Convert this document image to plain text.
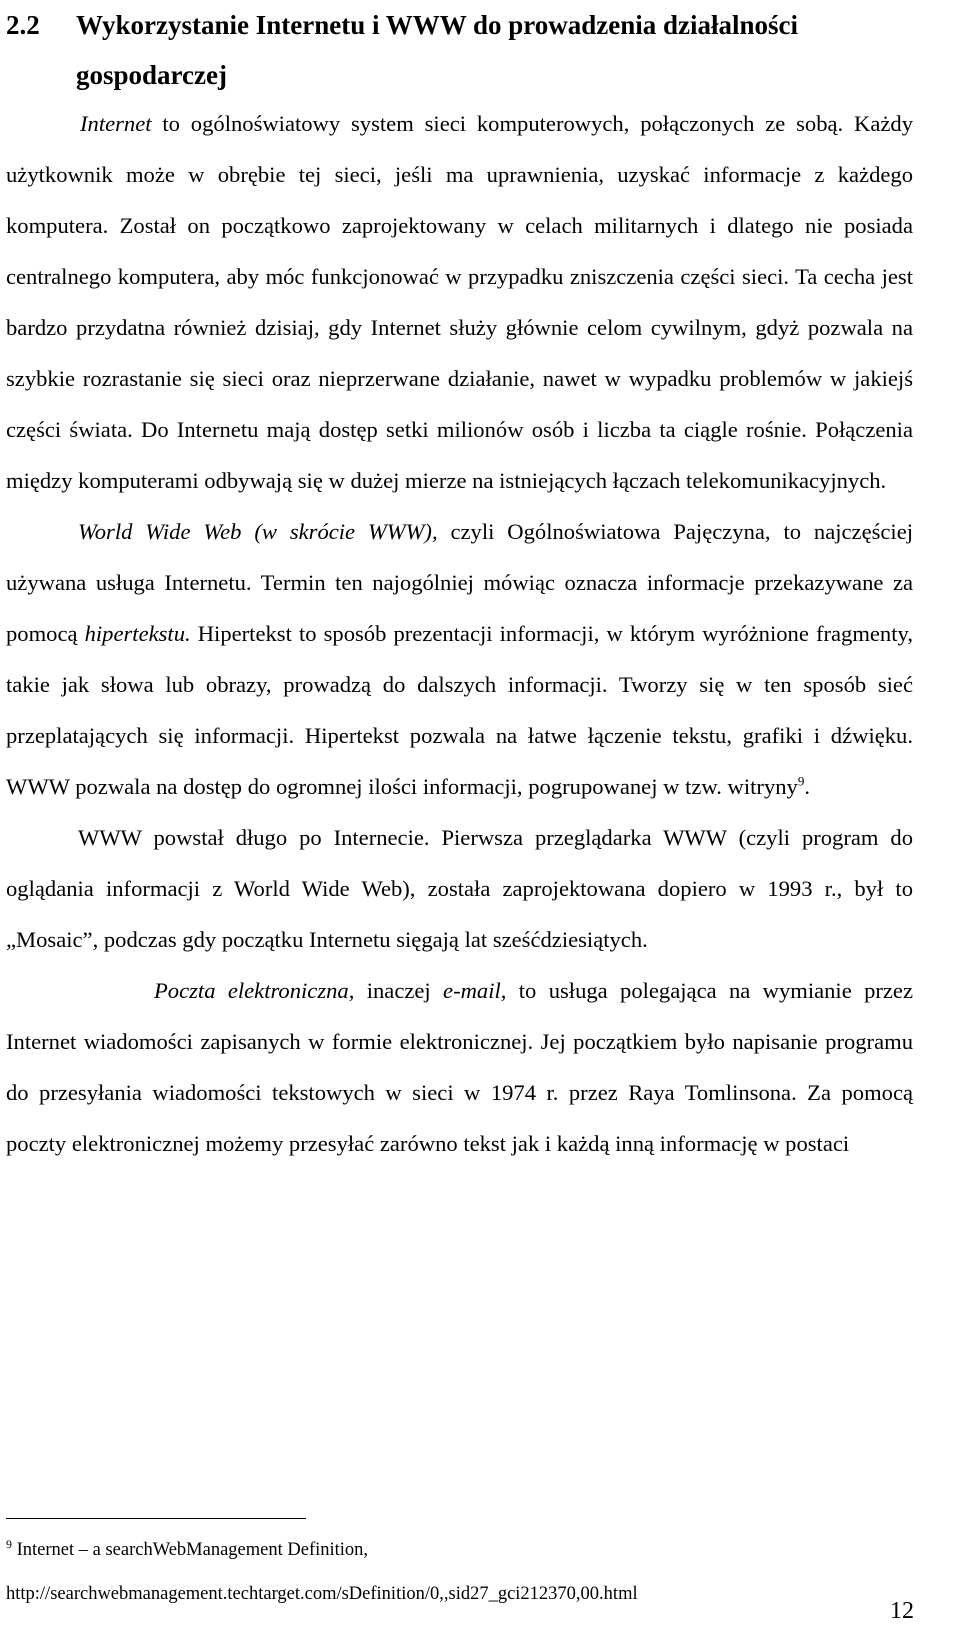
2.2 Wykorzystanie Internetu i WWW do prowadzenia działalności
gospodarczej

Internet to ogólnoświatowy system sieci komputerowych, połączonych ze sobą. Każdy użytkownik może w obrębie tej sieci, jeśli ma uprawnienia, uzyskać informacje z każdego komputera. Został on początkowo zaprojektowany w celach militarnych i dlatego nie posiada centralnego komputera, aby móc funkcjonować w przypadku zniszczenia części sieci. Ta cecha jest bardzo przydatna również dzisiaj, gdy Internet służy głównie celom cywilnym, gdyż pozwala na szybkie rozrastanie się sieci oraz nieprzerwane działanie, nawet w wypadku problemów w jakiejś części świata. Do Internetu mają dostęp setki milionów osób i liczba ta ciągle rośnie. Połączenia między komputerami odbywają się w dużej mierze na istniejących łączach telekomunikacyjnych.

World Wide Web (w skrócie WWW), czyli Ogólnoświatowa Pajęczyna, to najczęściej używana usługa Internetu. Termin ten najogólniej mówiąc oznacza informacje przekazywane za pomocą hipertekstu. Hipertekst to sposób prezentacji informacji, w którym wyróżnione fragmenty, takie jak słowa lub obrazy, prowadzą do dalszych informacji. Tworzy się w ten sposób sieć przeplatających się informacji. Hipertekst pozwala na łatwe łączenie tekstu, grafiki i dźwięku. WWW pozwala na dostęp do ogromnej ilości informacji, pogrupowanej w tzw. witryny$^9$.

WWW powstał długo po Internecie. Pierwsza przeglądarka WWW (czyli program do oglądania informacji z World Wide Web), została zaprojektowana dopiero w 1993 r., był to „Mosaic”, podczas gdy początku Internetu sięgają lat sześćdziesiątych.

Poczta elektroniczna, inaczej e-mail, to usługa polegająca na wymianie przez Internet wiadomości zapisanych w formie elektronicznej. Jej początkiem było napisanie programu do przesyłania wiadomości tekstowych w sieci w 1974 r. przez Raya Tomlinsona. Za pomocą poczty elektronicznej możemy przesyłać zarówno tekst jak i każdą inną informację w postaci

$^9$ Internet – a searchWebManagement Definition,
http://searchwebmanagement.techtarget.com/sDefinition/0,,sid27_gci212370,00.html
12
